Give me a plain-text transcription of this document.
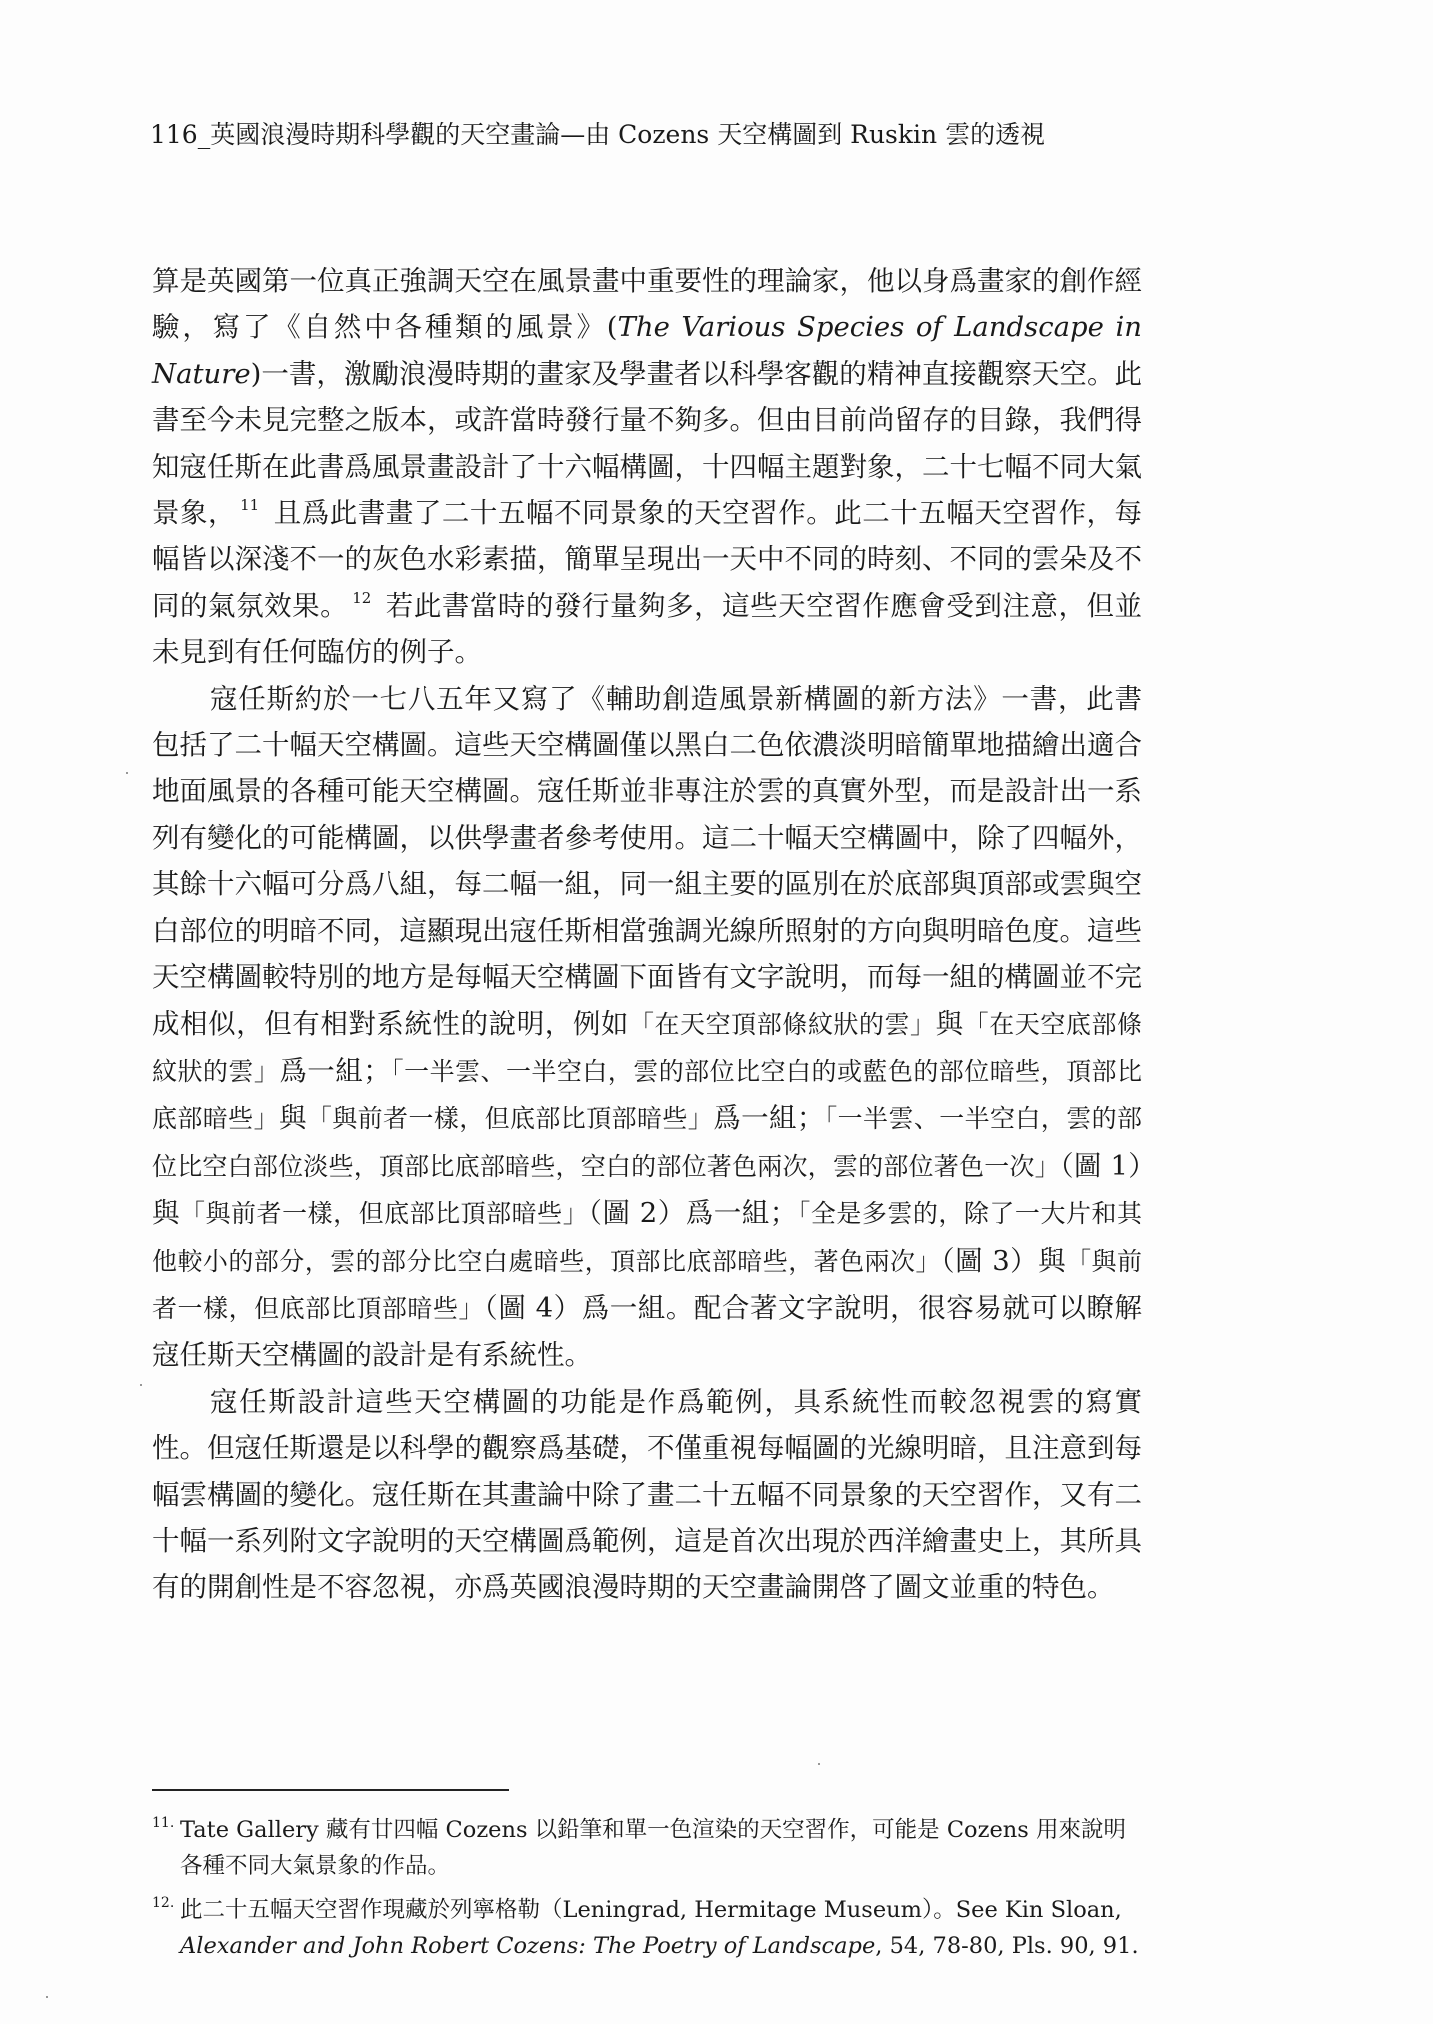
116_英國浪漫時期科學觀的天空畫論—由 Cozens 天空構圖到 Ruskin 雲的透視

算是英國第一位真正強調天空在風景畫中重要性的理論家，他以身爲畫家的創作經驗，寫了《自然中各種類的風景》(The Various Species of Landscape in Nature)一書，激勵浪漫時期的畫家及學畫者以科學客觀的精神直接觀察天空。此書至今未見完整之版本，或許當時發行量不夠多。但由目前尚留存的目錄，我們得知寇任斯在此書爲風景畫設計了十六幅構圖，十四幅主題對象，二十七幅不同大氣景象， $^{11}$ 且爲此書畫了二十五幅不同景象的天空習作。此二十五幅天空習作，每幅皆以深淺不一的灰色水彩素描，簡單呈現出一天中不同的時刻、不同的雲朵及不同的氣氛效果。 $^{12}$ 若此書當時的發行量夠多，這些天空習作應會受到注意，但並未見到有任何臨仿的例子。

寇任斯約於一七八五年又寫了《輔助創造風景新構圖的新方法》一書，此書包括了二十幅天空構圖。這些天空構圖僅以黑白二色依濃淡明暗簡單地描繪出適合地面風景的各種可能天空構圖。寇任斯並非專注於雲的真實外型，而是設計出一系列有變化的可能構圖，以供學畫者參考使用。這二十幅天空構圖中，除了四幅外，其餘十六幅可分爲八組，每二幅一組，同一組主要的區別在於底部與頂部或雲與空白部位的明暗不同，這顯現出寇任斯相當強調光線所照射的方向與明暗色度。這些天空構圖較特別的地方是每幅天空構圖下面皆有文字說明，而每一組的構圖並不完成相似，但有相對系統性的說明，例如「在天空頂部條紋狀的雲」與「在天空底部條紋狀的雲」爲一組；「一半雲、一半空白，雲的部位比空白的或藍色的部位暗些，頂部比底部暗些」與「與前者一樣，但底部比頂部暗些」爲一組；「一半雲、一半空白，雲的部位比空白部位淡些，頂部比底部暗些，空白的部位著色兩次，雲的部位著色一次」（圖 1）與「與前者一樣，但底部比頂部暗些」（圖 2）爲一組；「全是多雲的，除了一大片和其他較小的部分，雲的部分比空白處暗些，頂部比底部暗些，著色兩次」（圖 3）與「與前者一樣，但底部比頂部暗些」（圖 4）爲一組。配合著文字說明，很容易就可以瞭解寇任斯天空構圖的設計是有系統性。

寇任斯設計這些天空構圖的功能是作爲範例，具系統性而較忽視雲的寫實性。但寇任斯還是以科學的觀察爲基礎，不僅重視每幅圖的光線明暗，且注意到每幅雲構圖的變化。寇任斯在其畫論中除了畫二十五幅不同景象的天空習作，又有二十幅一系列附文字說明的天空構圖爲範例，這是首次出現於西洋繪畫史上，其所具有的開創性是不容忽視，亦爲英國浪漫時期的天空畫論開啓了圖文並重的特色。

11. Tate Gallery 藏有廿四幅 Cozens 以鉛筆和單一色渲染的天空習作，可能是 Cozens 用來說明各種不同大氣景象的作品。
12. 此二十五幅天空習作現藏於列寧格勒（Leningrad, Hermitage Museum）。See Kin Sloan, Alexander and John Robert Cozens: The Poetry of Landscape, 54, 78-80, Pls. 90, 91.
